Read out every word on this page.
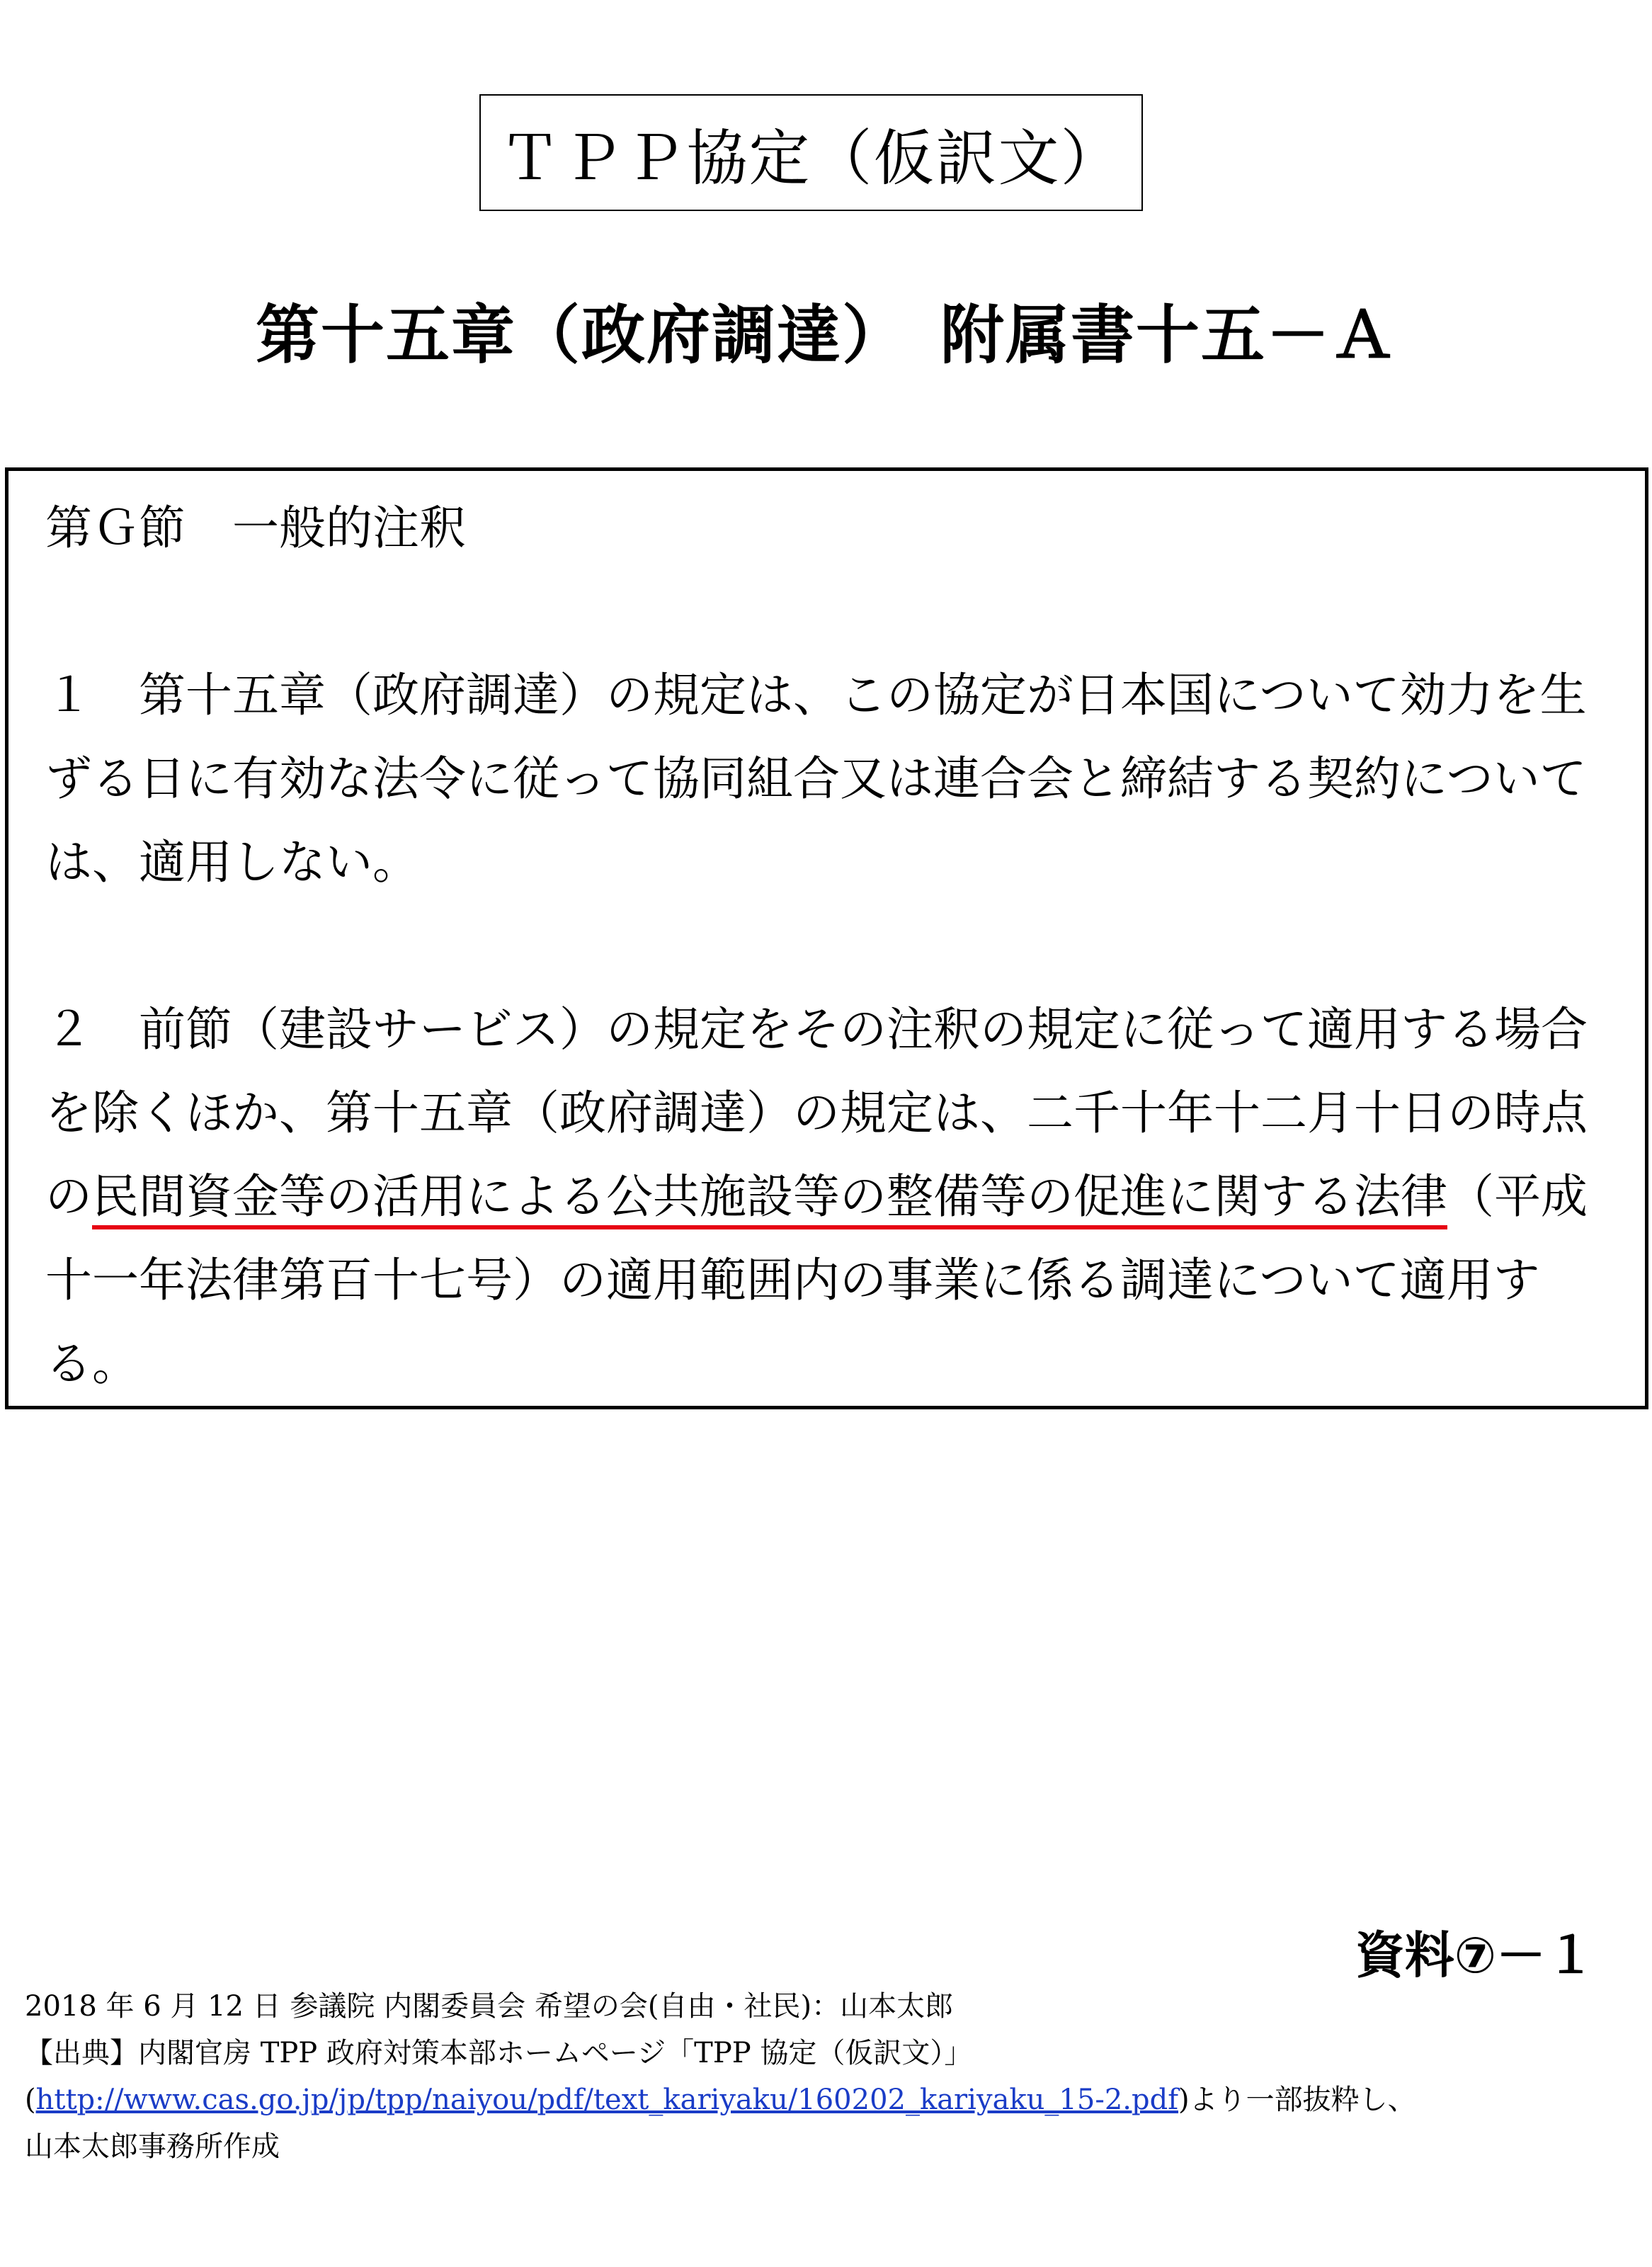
ＴＰＰ協定（仮訳文）
第十五章（政府調達）　附属書十五－Ａ

第Ｇ節　一般的注釈

１　第十五章（政府調達）の規定は、この協定が日本国について効力を生ずる日に有効な法令に従って協同組合又は連合会と締結する契約については、適用しない。

２　前節（建設サービス）の規定をその注釈の規定に従って適用する場合を除くほか、第十五章（政府調達）の規定は、二千十年十二月十日の時点の民間資金等の活用による公共施設等の整備等の促進に関する法律（平成十一年法律第百十七号）の適用範囲内の事業に係る調達について適用する。

資料⑦－１

2018 年 6 月 12 日 参議院 内閣委員会 希望の会(自由・社民)：山本太郎

【出典】内閣官房 TPP 政府対策本部ホームページ「TPP 協定（仮訳文）」

(http://www.cas.go.jp/jp/tpp/naiyou/pdf/text_kariyaku/160202_kariyaku_15-2.pdf)より一部抜粋し、

山本太郎事務所作成
